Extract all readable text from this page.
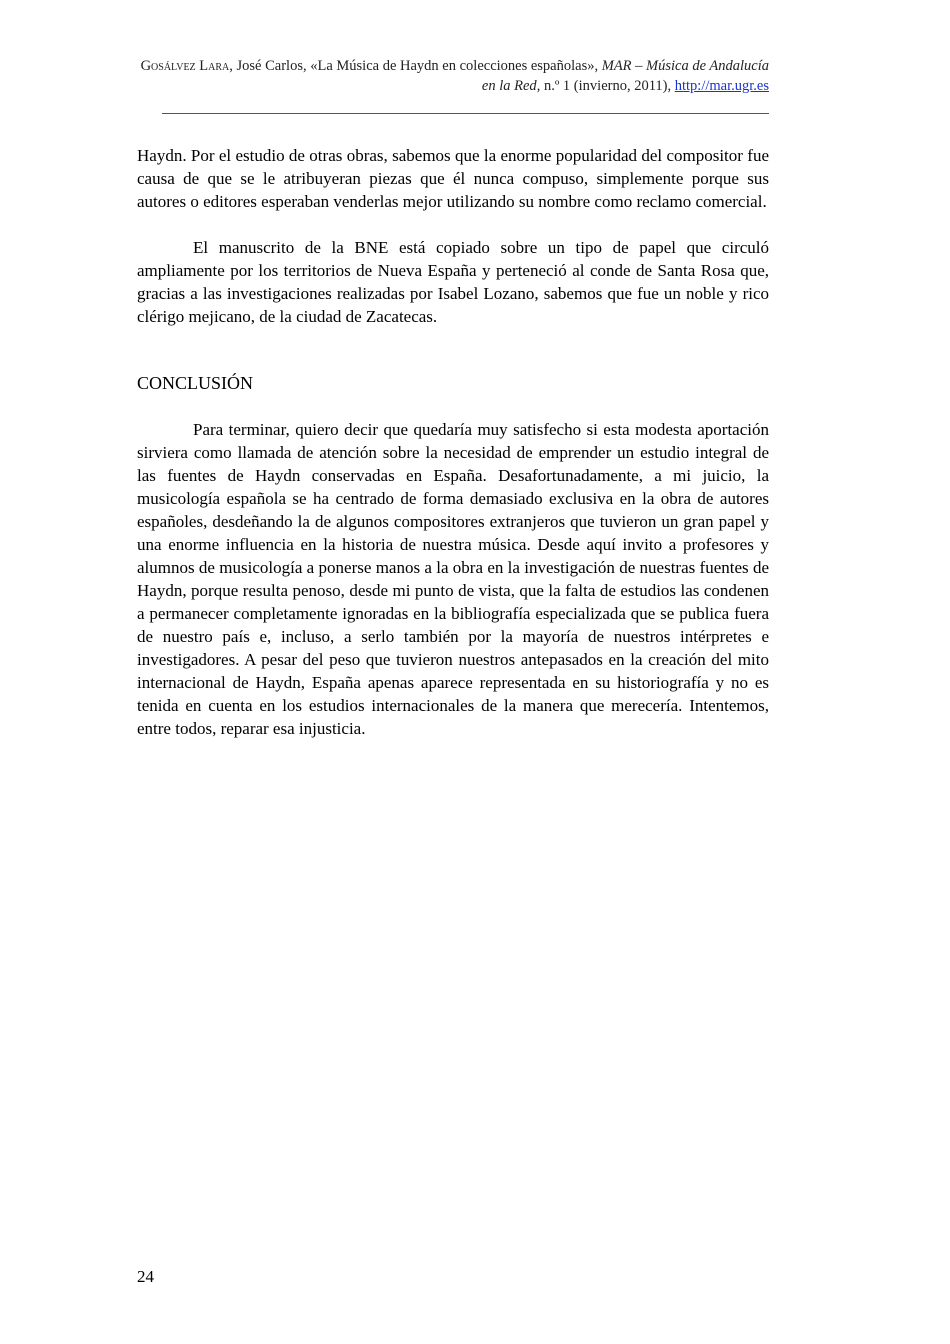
Gosálvez Lara, José Carlos, «La Música de Haydn en colecciones españolas», MAR – Música de Andalucía en la Red, n.º 1 (invierno, 2011), http://mar.ugr.es

Haydn. Por el estudio de otras obras, sabemos que la enorme popularidad del compositor fue causa de que se le atribuyeran piezas que él nunca compuso, simplemente porque sus autores o editores esperaban venderlas mejor utilizando su nombre como reclamo comercial.

El manuscrito de la BNE está copiado sobre un tipo de papel que circuló ampliamente por los territorios de Nueva España y perteneció al conde de Santa Rosa que, gracias a las investigaciones realizadas por Isabel Lozano, sabemos que fue un noble y rico clérigo mejicano, de la ciudad de Zacatecas.

CONCLUSIÓN

Para terminar, quiero decir que quedaría muy satisfecho si esta modesta aportación sirviera como llamada de atención sobre la necesidad de emprender un estudio integral de las fuentes de Haydn conservadas en España. Desafortunadamente, a mi juicio, la musicología española se ha centrado de forma demasiado exclusiva en la obra de autores españoles, desdeñando la de algunos compositores extranjeros que tuvieron un gran papel y una enorme influencia en la historia de nuestra música. Desde aquí invito a profesores y alumnos de musicología a ponerse manos a la obra en la investigación de nuestras fuentes de Haydn, porque resulta penoso, desde mi punto de vista, que la falta de estudios las condenen a permanecer completamente ignoradas en la bibliografía especializada que se publica fuera de nuestro país e, incluso, a serlo también por la mayoría de nuestros intérpretes e investigadores. A pesar del peso que tuvieron nuestros antepasados en la creación del mito internacional de Haydn, España apenas aparece representada en su historiografía y no es tenida en cuenta en los estudios internacionales de la manera que merecería. Intentemos, entre todos, reparar esa injusticia.

24
